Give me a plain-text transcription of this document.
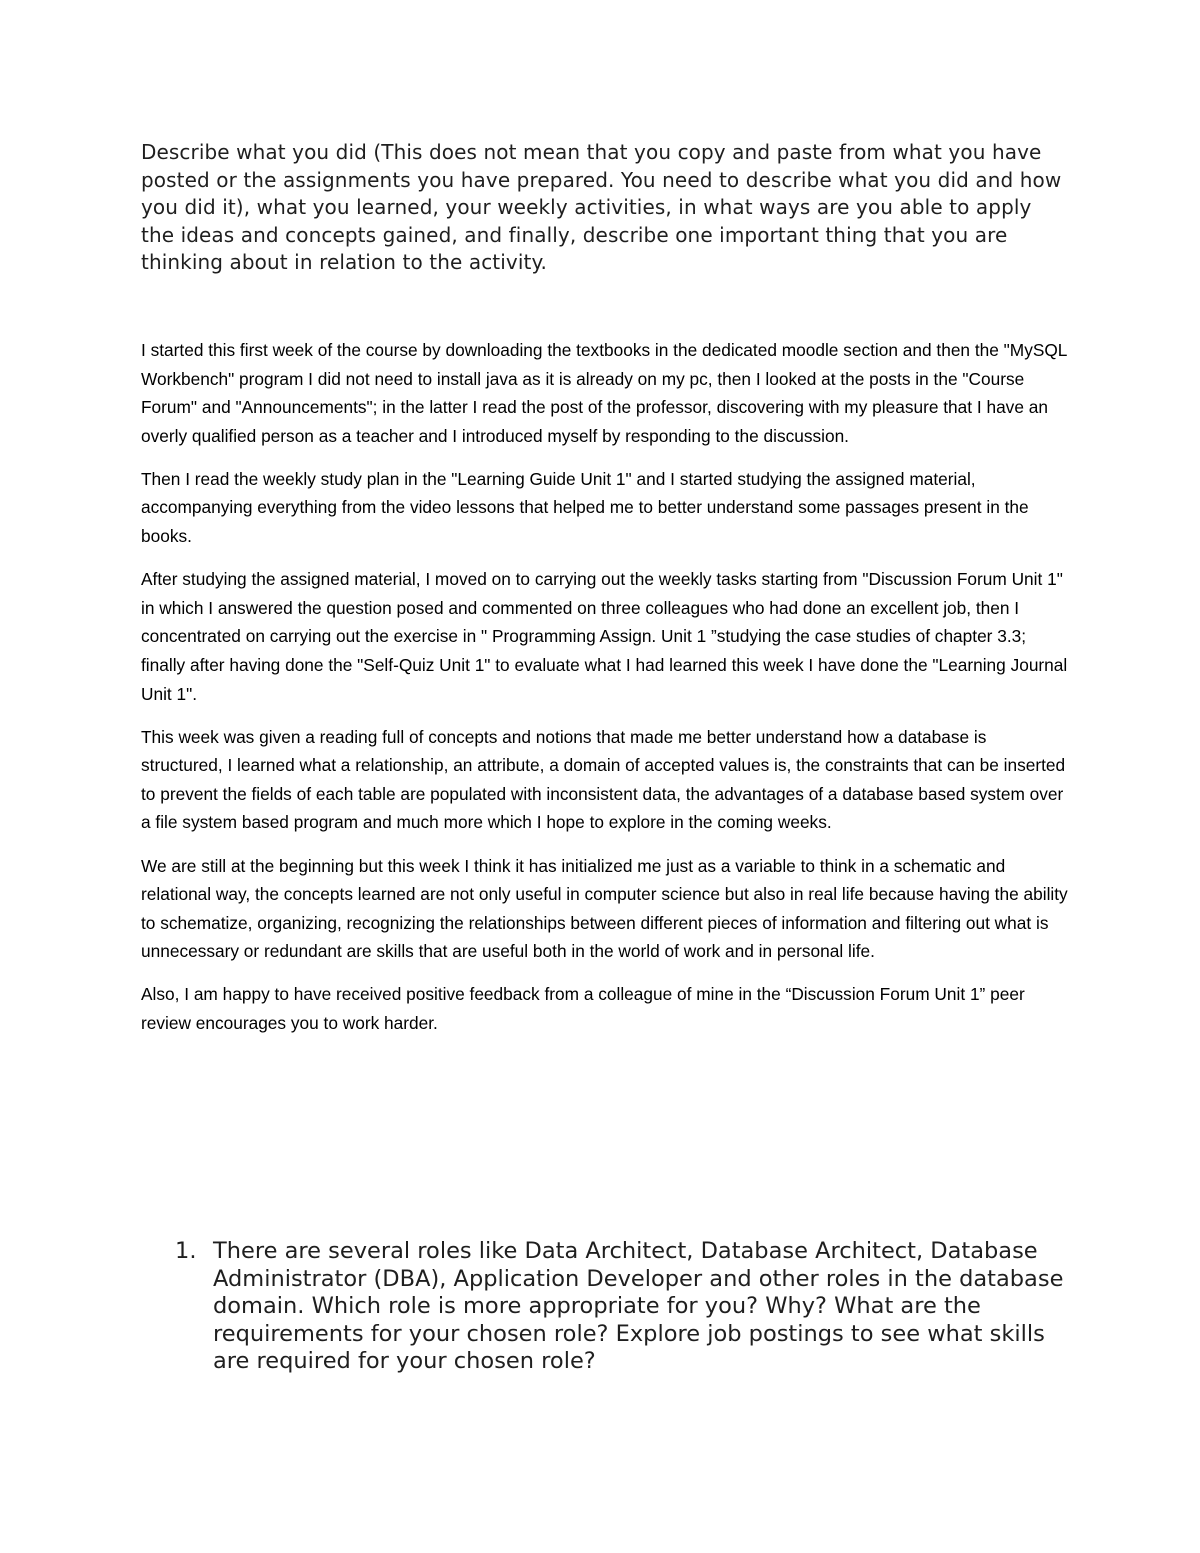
Describe what you did (This does not mean that you copy and paste from what you have posted or the assignments you have prepared. You need to describe what you did and how you did it), what you learned, your weekly activities, in what ways are you able to apply the ideas and concepts gained, and finally, describe one important thing that you are thinking about in relation to the activity.

I started this first week of the course by downloading the textbooks in the dedicated moodle section and then the "MySQL Workbench" program I did not need to install java as it is already on my pc, then I looked at the posts in the "Course Forum" and "Announcements"; in the latter I read the post of the professor, discovering with my pleasure that I have an overly qualified person as a teacher and I introduced myself by responding to the discussion.

Then I read the weekly study plan in the "Learning Guide Unit 1" and I started studying the assigned material, accompanying everything from the video lessons that helped me to better understand some passages present in the books.

After studying the assigned material, I moved on to carrying out the weekly tasks starting from "Discussion Forum Unit 1" in which I answered the question posed and commented on three colleagues who had done an excellent job, then I concentrated on carrying out the exercise in " Programming Assign. Unit 1 ”studying the case studies of chapter 3.3; finally after having done the "Self-Quiz Unit 1" to evaluate what I had learned this week I have done the "Learning Journal Unit 1".

This week was given a reading full of concepts and notions that made me better understand how a database is structured, I learned what a relationship, an attribute, a domain of accepted values is, the constraints that can be inserted to prevent the fields of each table are populated with inconsistent data, the advantages of a database based system over a file system based program and much more which I hope to explore in the coming weeks.

We are still at the beginning but this week I think it has initialized me just as a variable to think in a schematic and relational way, the concepts learned are not only useful in computer science but also in real life because having the ability to schematize, organizing, recognizing the relationships between different pieces of information and filtering out what is unnecessary or redundant are skills that are useful both in the world of work and in personal life.

Also, I am happy to have received positive feedback from a colleague of mine in the “Discussion Forum Unit 1” peer review encourages you to work harder.

1. There are several roles like Data Architect, Database Architect, Database Administrator (DBA), Application Developer and other roles in the database domain. Which role is more appropriate for you? Why? What are the requirements for your chosen role? Explore job postings to see what skills are required for your chosen role?
